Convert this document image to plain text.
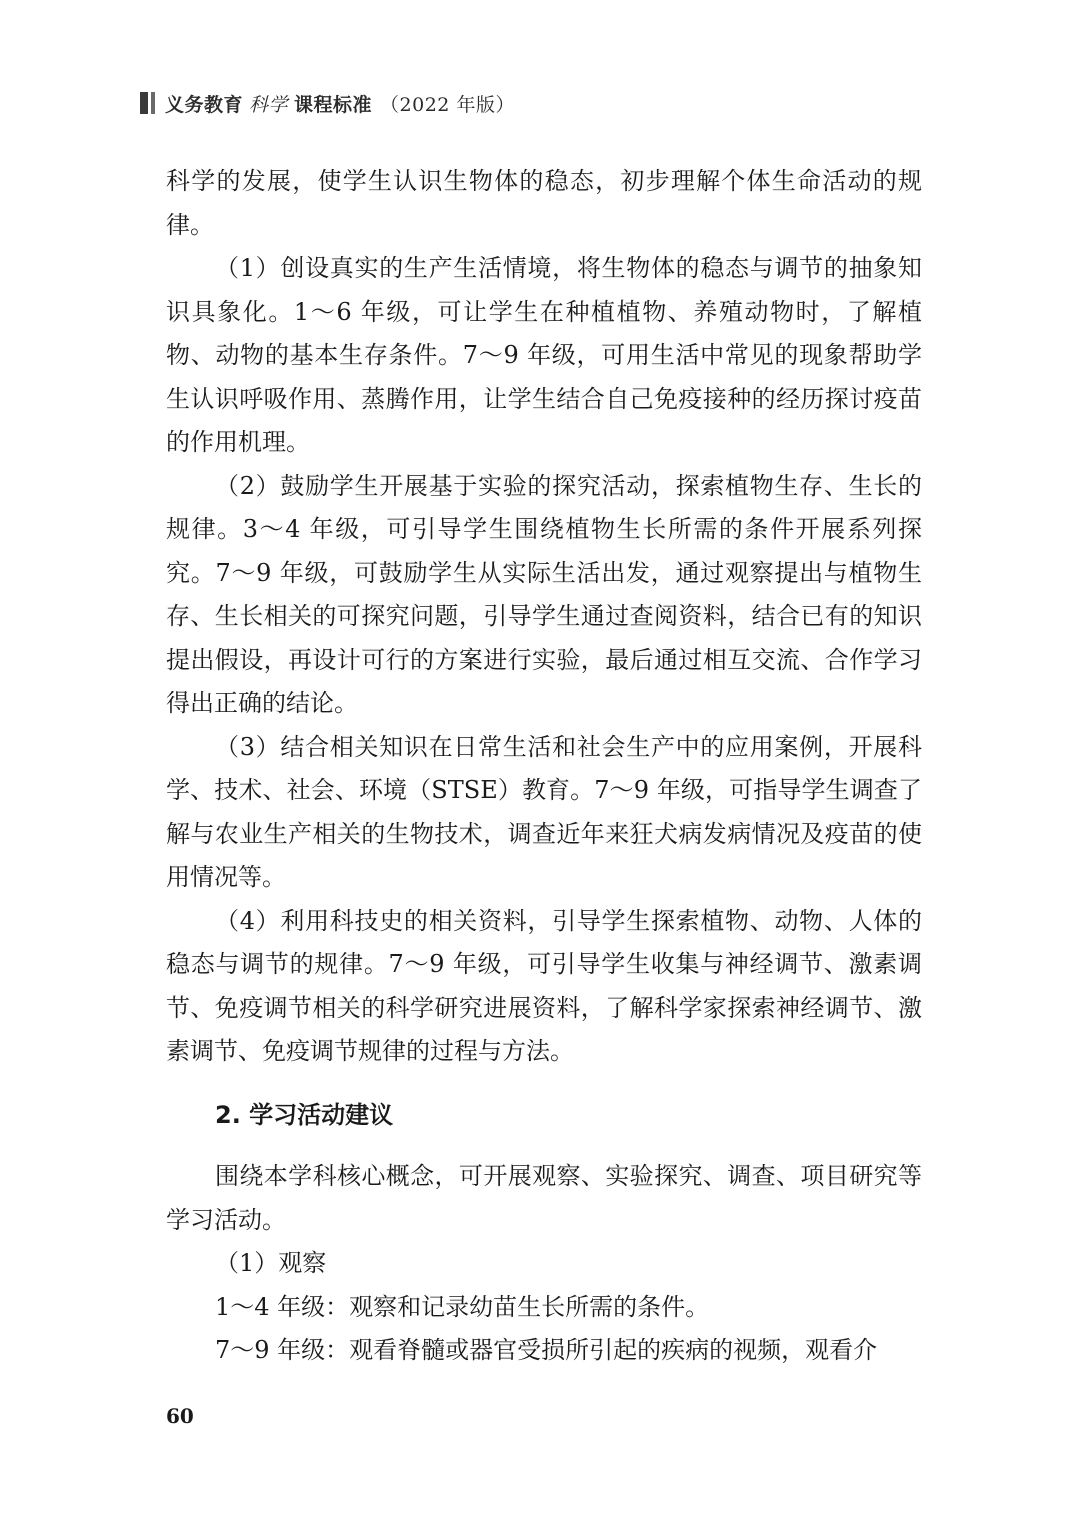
义务教育 科学 课程标准 （2022 年版）

科学的发展，使学生认识生物体的稳态，初步理解个体生命活动的规律。

（1）创设真实的生产生活情境，将生物体的稳态与调节的抽象知识具象化。1～6 年级，可让学生在种植植物、养殖动物时，了解植物、动物的基本生存条件。7～9 年级，可用生活中常见的现象帮助学生认识呼吸作用、蒸腾作用，让学生结合自己免疫接种的经历探讨疫苗的作用机理。

（2）鼓励学生开展基于实验的探究活动，探索植物生存、生长的规律。3～4 年级，可引导学生围绕植物生长所需的条件开展系列探究。7～9 年级，可鼓励学生从实际生活出发，通过观察提出与植物生存、生长相关的可探究问题，引导学生通过查阅资料，结合已有的知识提出假设，再设计可行的方案进行实验，最后通过相互交流、合作学习得出正确的结论。

（3）结合相关知识在日常生活和社会生产中的应用案例，开展科学、技术、社会、环境（STSE）教育。7～9 年级，可指导学生调查了解与农业生产相关的生物技术，调查近年来狂犬病发病情况及疫苗的使用情况等。

（4）利用科技史的相关资料，引导学生探索植物、动物、人体的稳态与调节的规律。7～9 年级，可引导学生收集与神经调节、激素调节、免疫调节相关的科学研究进展资料，了解科学家探索神经调节、激素调节、免疫调节规律的过程与方法。

2. 学习活动建议

围绕本学科核心概念，可开展观察、实验探究、调查、项目研究等学习活动。

（1）观察

1～4 年级：观察和记录幼苗生长所需的条件。

7～9 年级：观看脊髓或器官受损所引起的疾病的视频，观看介

60
